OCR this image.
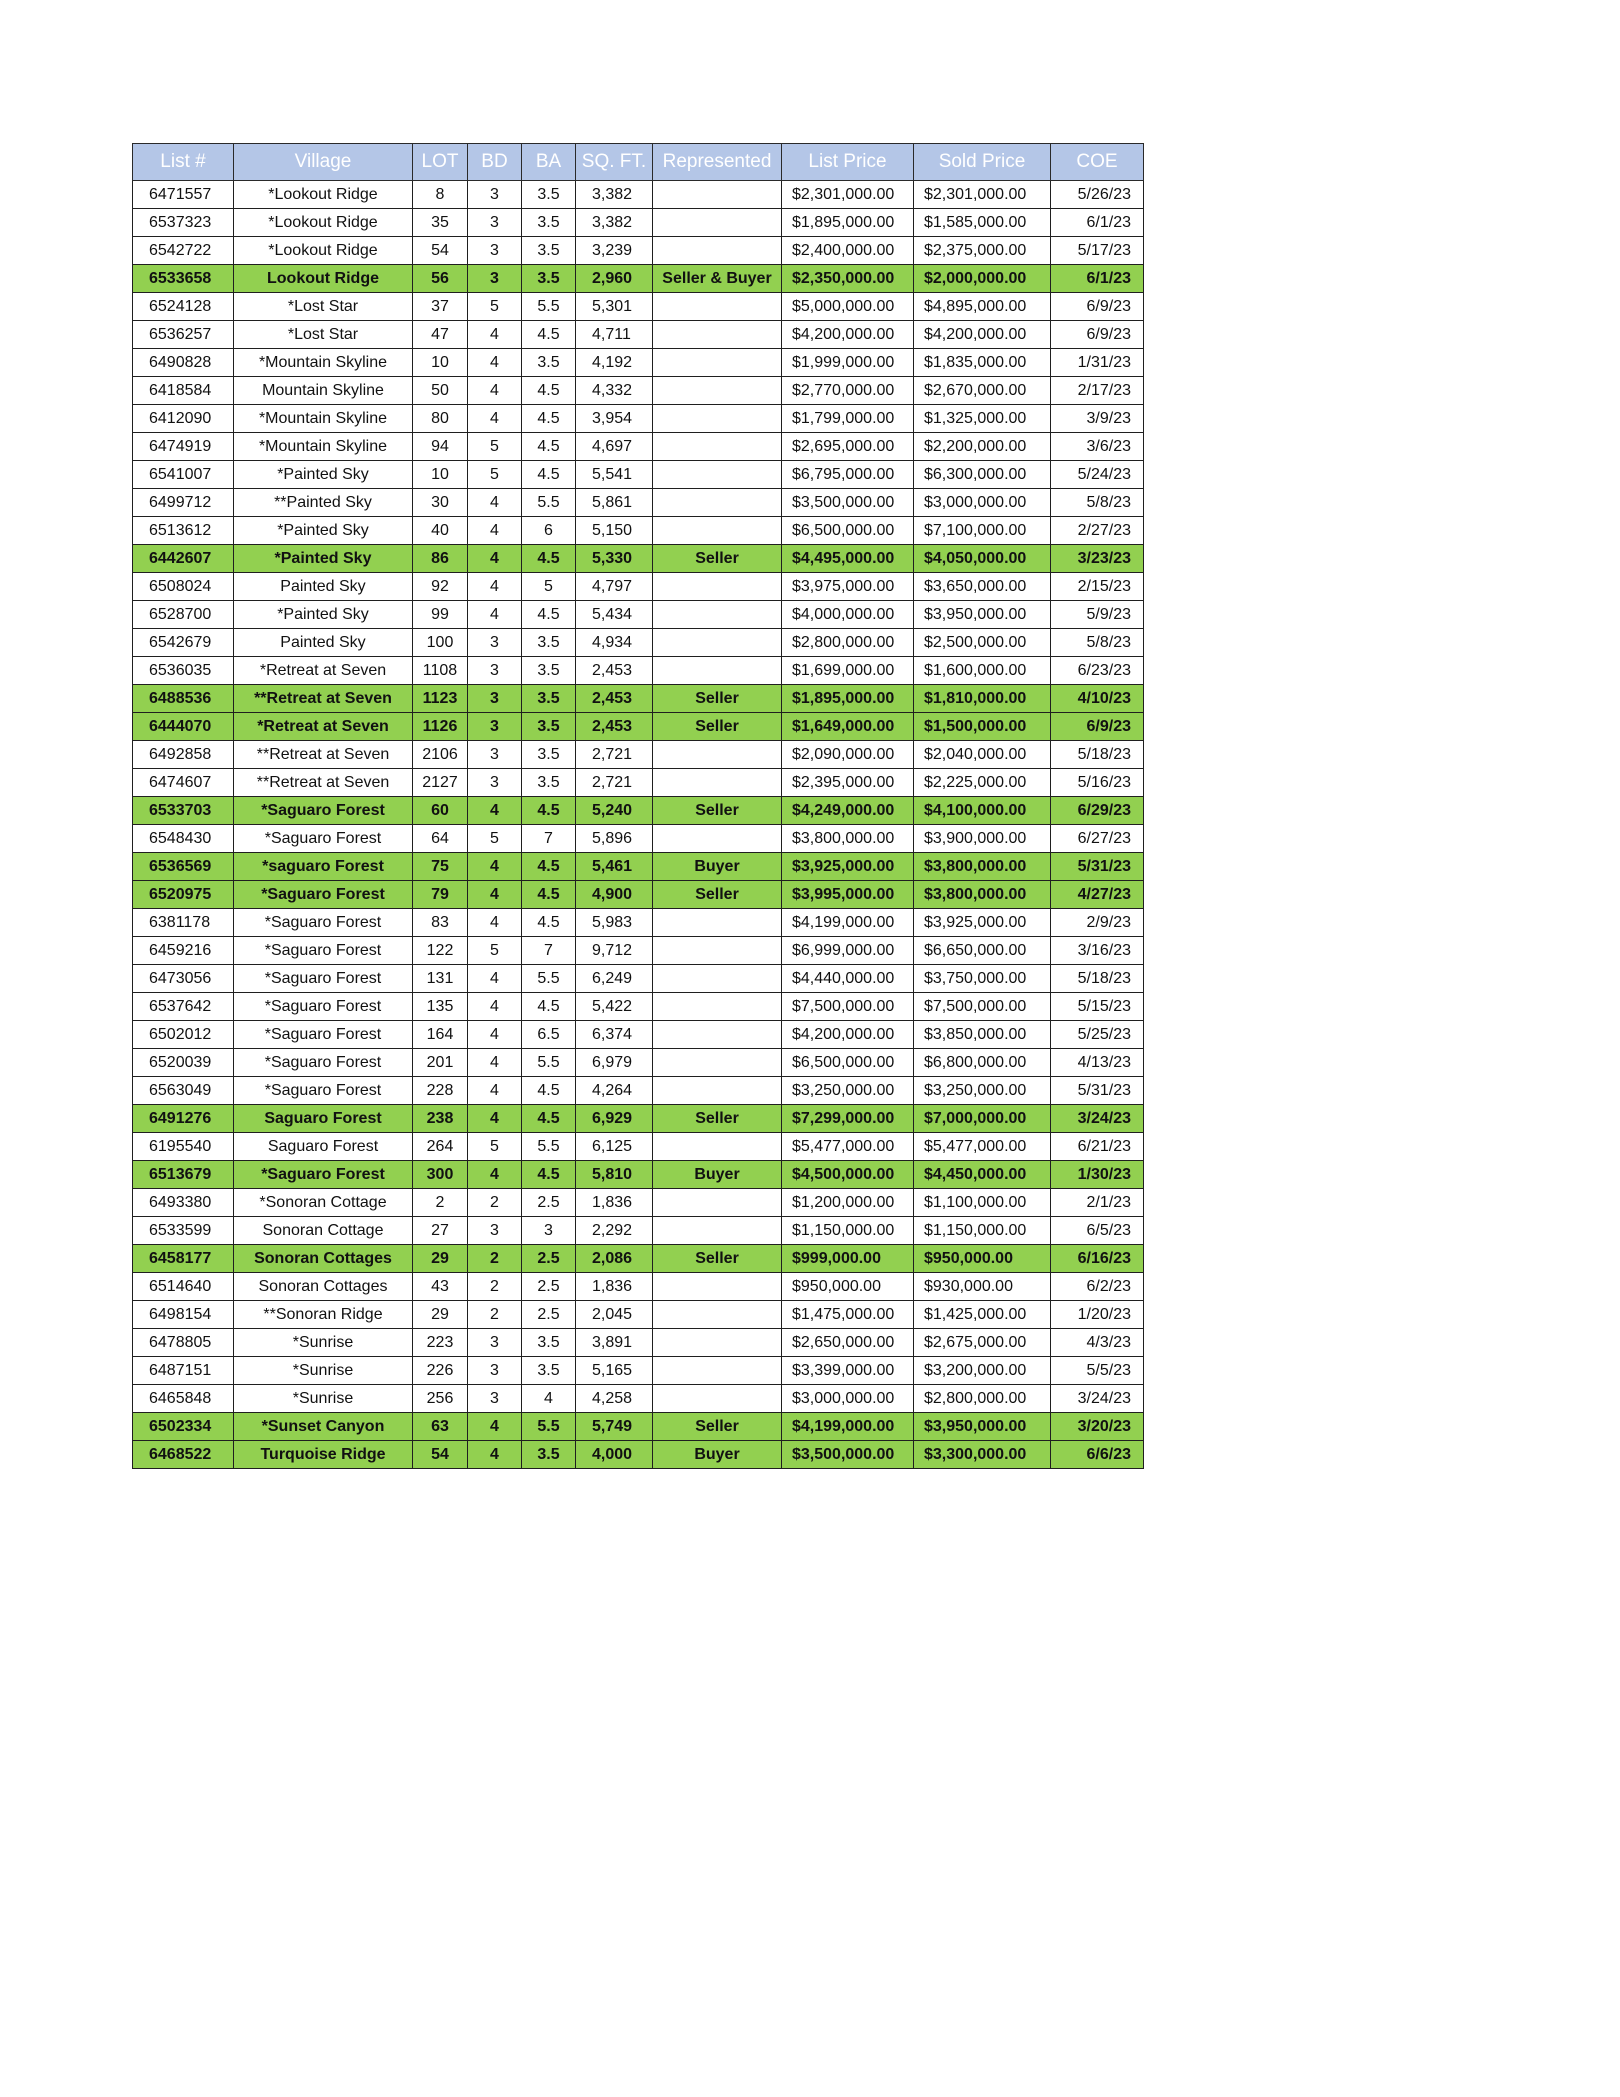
List #	Village	LOT	BD	BA	SQ. FT.	Represented	List Price	Sold Price	COE
6471557	*Lookout Ridge	8	3	3.5	3,382		$2,301,000.00	$2,301,000.00	5/26/23
6537323	*Lookout Ridge	35	3	3.5	3,382		$1,895,000.00	$1,585,000.00	6/1/23
6542722	*Lookout Ridge	54	3	3.5	3,239		$2,400,000.00	$2,375,000.00	5/17/23
6533658	Lookout Ridge	56	3	3.5	2,960	Seller & Buyer	$2,350,000.00	$2,000,000.00	6/1/23
6524128	*Lost Star	37	5	5.5	5,301		$5,000,000.00	$4,895,000.00	6/9/23
6536257	*Lost Star	47	4	4.5	4,711		$4,200,000.00	$4,200,000.00	6/9/23
6490828	*Mountain Skyline	10	4	3.5	4,192		$1,999,000.00	$1,835,000.00	1/31/23
6418584	Mountain Skyline	50	4	4.5	4,332		$2,770,000.00	$2,670,000.00	2/17/23
6412090	*Mountain Skyline	80	4	4.5	3,954		$1,799,000.00	$1,325,000.00	3/9/23
6474919	*Mountain Skyline	94	5	4.5	4,697		$2,695,000.00	$2,200,000.00	3/6/23
6541007	*Painted Sky	10	5	4.5	5,541		$6,795,000.00	$6,300,000.00	5/24/23
6499712	**Painted Sky	30	4	5.5	5,861		$3,500,000.00	$3,000,000.00	5/8/23
6513612	*Painted Sky	40	4	6	5,150		$6,500,000.00	$7,100,000.00	2/27/23
6442607	*Painted Sky	86	4	4.5	5,330	Seller	$4,495,000.00	$4,050,000.00	3/23/23
6508024	Painted Sky	92	4	5	4,797		$3,975,000.00	$3,650,000.00	2/15/23
6528700	*Painted Sky	99	4	4.5	5,434		$4,000,000.00	$3,950,000.00	5/9/23
6542679	Painted Sky	100	3	3.5	4,934		$2,800,000.00	$2,500,000.00	5/8/23
6536035	*Retreat at Seven	1108	3	3.5	2,453		$1,699,000.00	$1,600,000.00	6/23/23
6488536	**Retreat at Seven	1123	3	3.5	2,453	Seller	$1,895,000.00	$1,810,000.00	4/10/23
6444070	*Retreat at Seven	1126	3	3.5	2,453	Seller	$1,649,000.00	$1,500,000.00	6/9/23
6492858	**Retreat at Seven	2106	3	3.5	2,721		$2,090,000.00	$2,040,000.00	5/18/23
6474607	**Retreat at Seven	2127	3	3.5	2,721		$2,395,000.00	$2,225,000.00	5/16/23
6533703	*Saguaro Forest	60	4	4.5	5,240	Seller	$4,249,000.00	$4,100,000.00	6/29/23
6548430	*Saguaro Forest	64	5	7	5,896		$3,800,000.00	$3,900,000.00	6/27/23
6536569	*saguaro Forest	75	4	4.5	5,461	Buyer	$3,925,000.00	$3,800,000.00	5/31/23
6520975	*Saguaro Forest	79	4	4.5	4,900	Seller	$3,995,000.00	$3,800,000.00	4/27/23
6381178	*Saguaro Forest	83	4	4.5	5,983		$4,199,000.00	$3,925,000.00	2/9/23
6459216	*Saguaro Forest	122	5	7	9,712		$6,999,000.00	$6,650,000.00	3/16/23
6473056	*Saguaro Forest	131	4	5.5	6,249		$4,440,000.00	$3,750,000.00	5/18/23
6537642	*Saguaro Forest	135	4	4.5	5,422		$7,500,000.00	$7,500,000.00	5/15/23
6502012	*Saguaro Forest	164	4	6.5	6,374		$4,200,000.00	$3,850,000.00	5/25/23
6520039	*Saguaro Forest	201	4	5.5	6,979		$6,500,000.00	$6,800,000.00	4/13/23
6563049	*Saguaro Forest	228	4	4.5	4,264		$3,250,000.00	$3,250,000.00	5/31/23
6491276	Saguaro Forest	238	4	4.5	6,929	Seller	$7,299,000.00	$7,000,000.00	3/24/23
6195540	Saguaro Forest	264	5	5.5	6,125		$5,477,000.00	$5,477,000.00	6/21/23
6513679	*Saguaro Forest	300	4	4.5	5,810	Buyer	$4,500,000.00	$4,450,000.00	1/30/23
6493380	*Sonoran Cottage	2	2	2.5	1,836		$1,200,000.00	$1,100,000.00	2/1/23
6533599	Sonoran Cottage	27	3	3	2,292		$1,150,000.00	$1,150,000.00	6/5/23
6458177	Sonoran Cottages	29	2	2.5	2,086	Seller	$999,000.00	$950,000.00	6/16/23
6514640	Sonoran Cottages	43	2	2.5	1,836		$950,000.00	$930,000.00	6/2/23
6498154	**Sonoran Ridge	29	2	2.5	2,045		$1,475,000.00	$1,425,000.00	1/20/23
6478805	*Sunrise	223	3	3.5	3,891		$2,650,000.00	$2,675,000.00	4/3/23
6487151	*Sunrise	226	3	3.5	5,165		$3,399,000.00	$3,200,000.00	5/5/23
6465848	*Sunrise	256	3	4	4,258		$3,000,000.00	$2,800,000.00	3/24/23
6502334	*Sunset Canyon	63	4	5.5	5,749	Seller	$4,199,000.00	$3,950,000.00	3/20/23
6468522	Turquoise Ridge	54	4	3.5	4,000	Buyer	$3,500,000.00	$3,300,000.00	6/6/23
